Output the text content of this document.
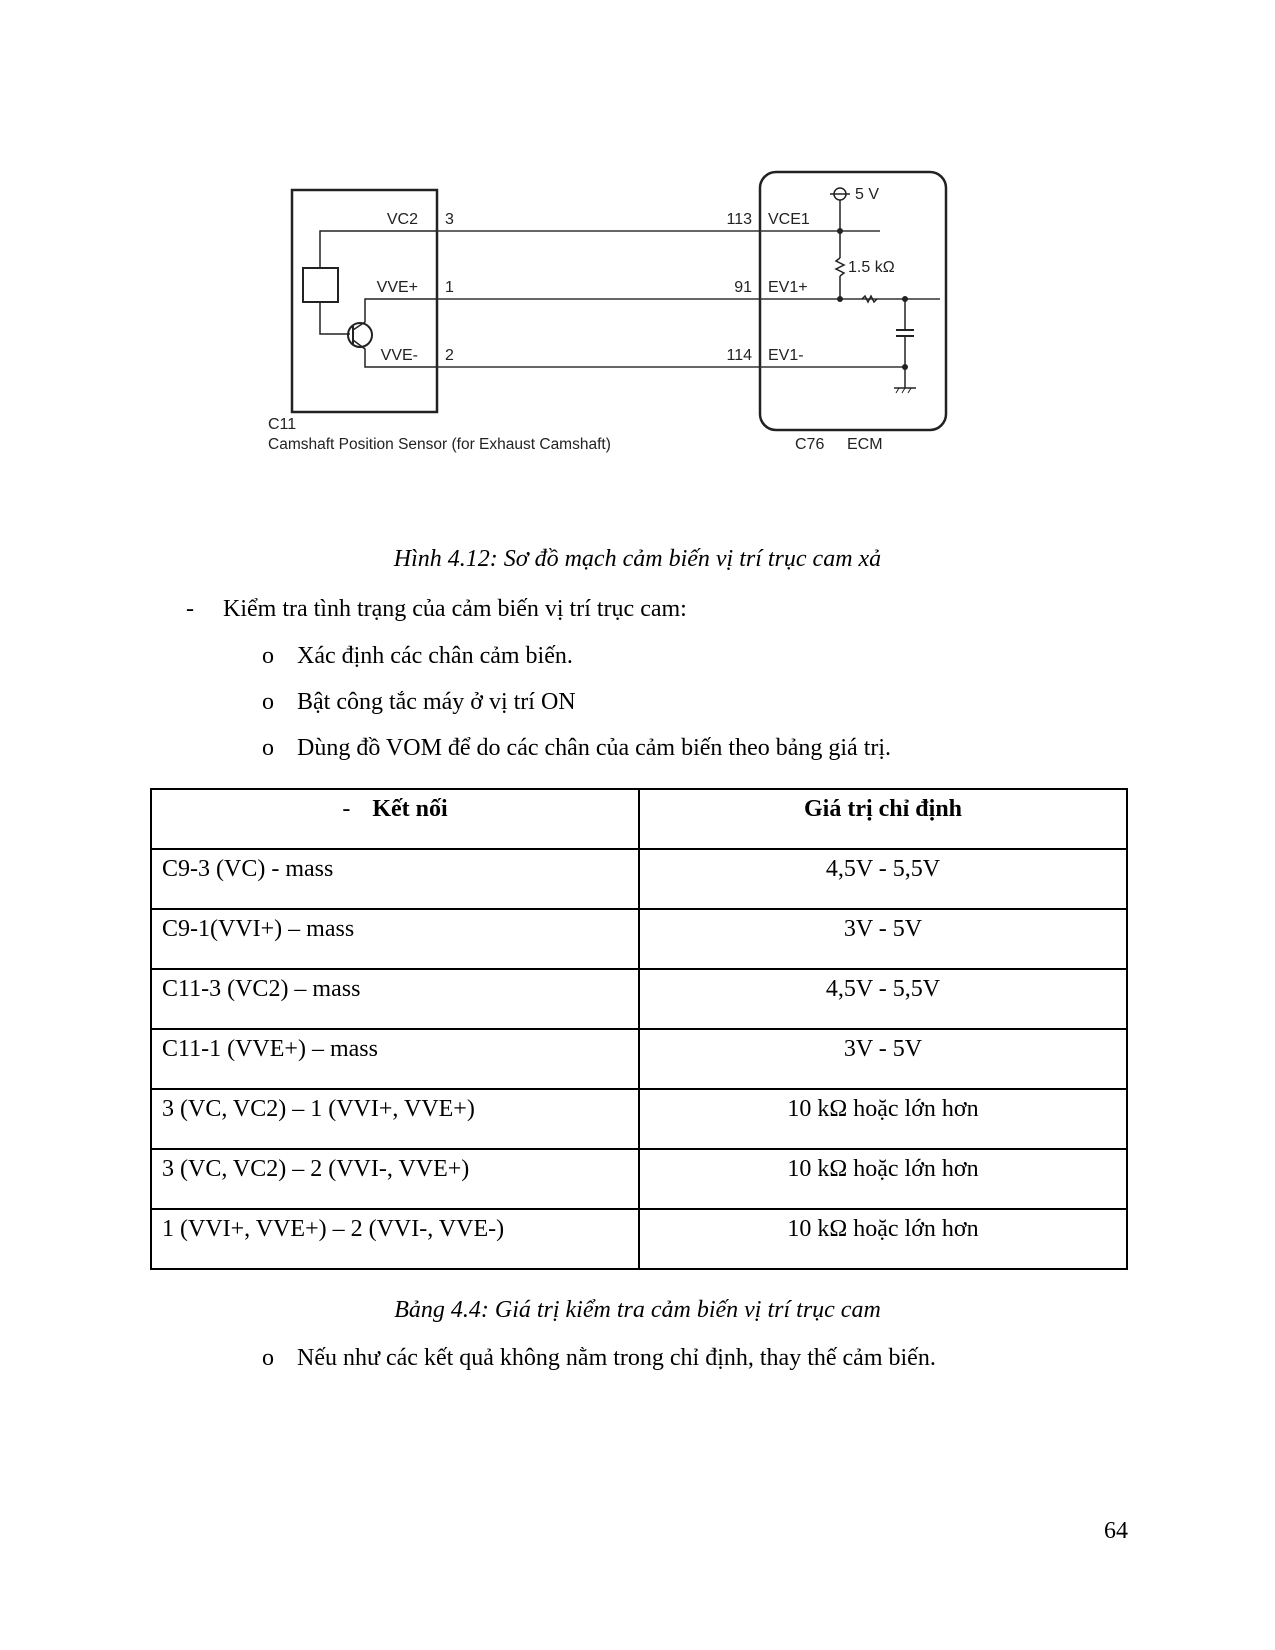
VC2
VVE+
VVE-
3
1
2
113
91
114
VCE1
EV1+
EV1-
5 V
1.5 kΩ
C11
Camshaft Position Sensor (for Exhaust Camshaft)	C76 ECM
Hình 4.12: Sơ đồ mạch cảm biến vị trí trục cam xả
- Kiểm tra tình trạng của cảm biến vị trí trục cam:
o Xác định các chân cảm biến.
o Bật công tắc máy ở vị trí ON
o Dùng đồ VOM để do các chân của cảm biến theo bảng giá trị.
- Kết nối	Giá trị chỉ định
C9-3 (VC) - mass	4,5V - 5,5V
C9-1(VVI+) – mass	3V - 5V
C11-3 (VC2) – mass	4,5V - 5,5V
C11-1 (VVE+) – mass	3V - 5V
3 (VC, VC2) – 1 (VVI+, VVE+)	10 kΩ hoặc lớn hơn
3 (VC, VC2) – 2 (VVI-, VVE+)	10 kΩ hoặc lớn hơn
1 (VVI+, VVE+) – 2 (VVI-, VVE-)	10 kΩ hoặc lớn hơn
Bảng 4.4: Giá trị kiểm tra cảm biến vị trí trục cam
o Nếu như các kết quả không nằm trong chỉ định, thay thế cảm biến.
64
